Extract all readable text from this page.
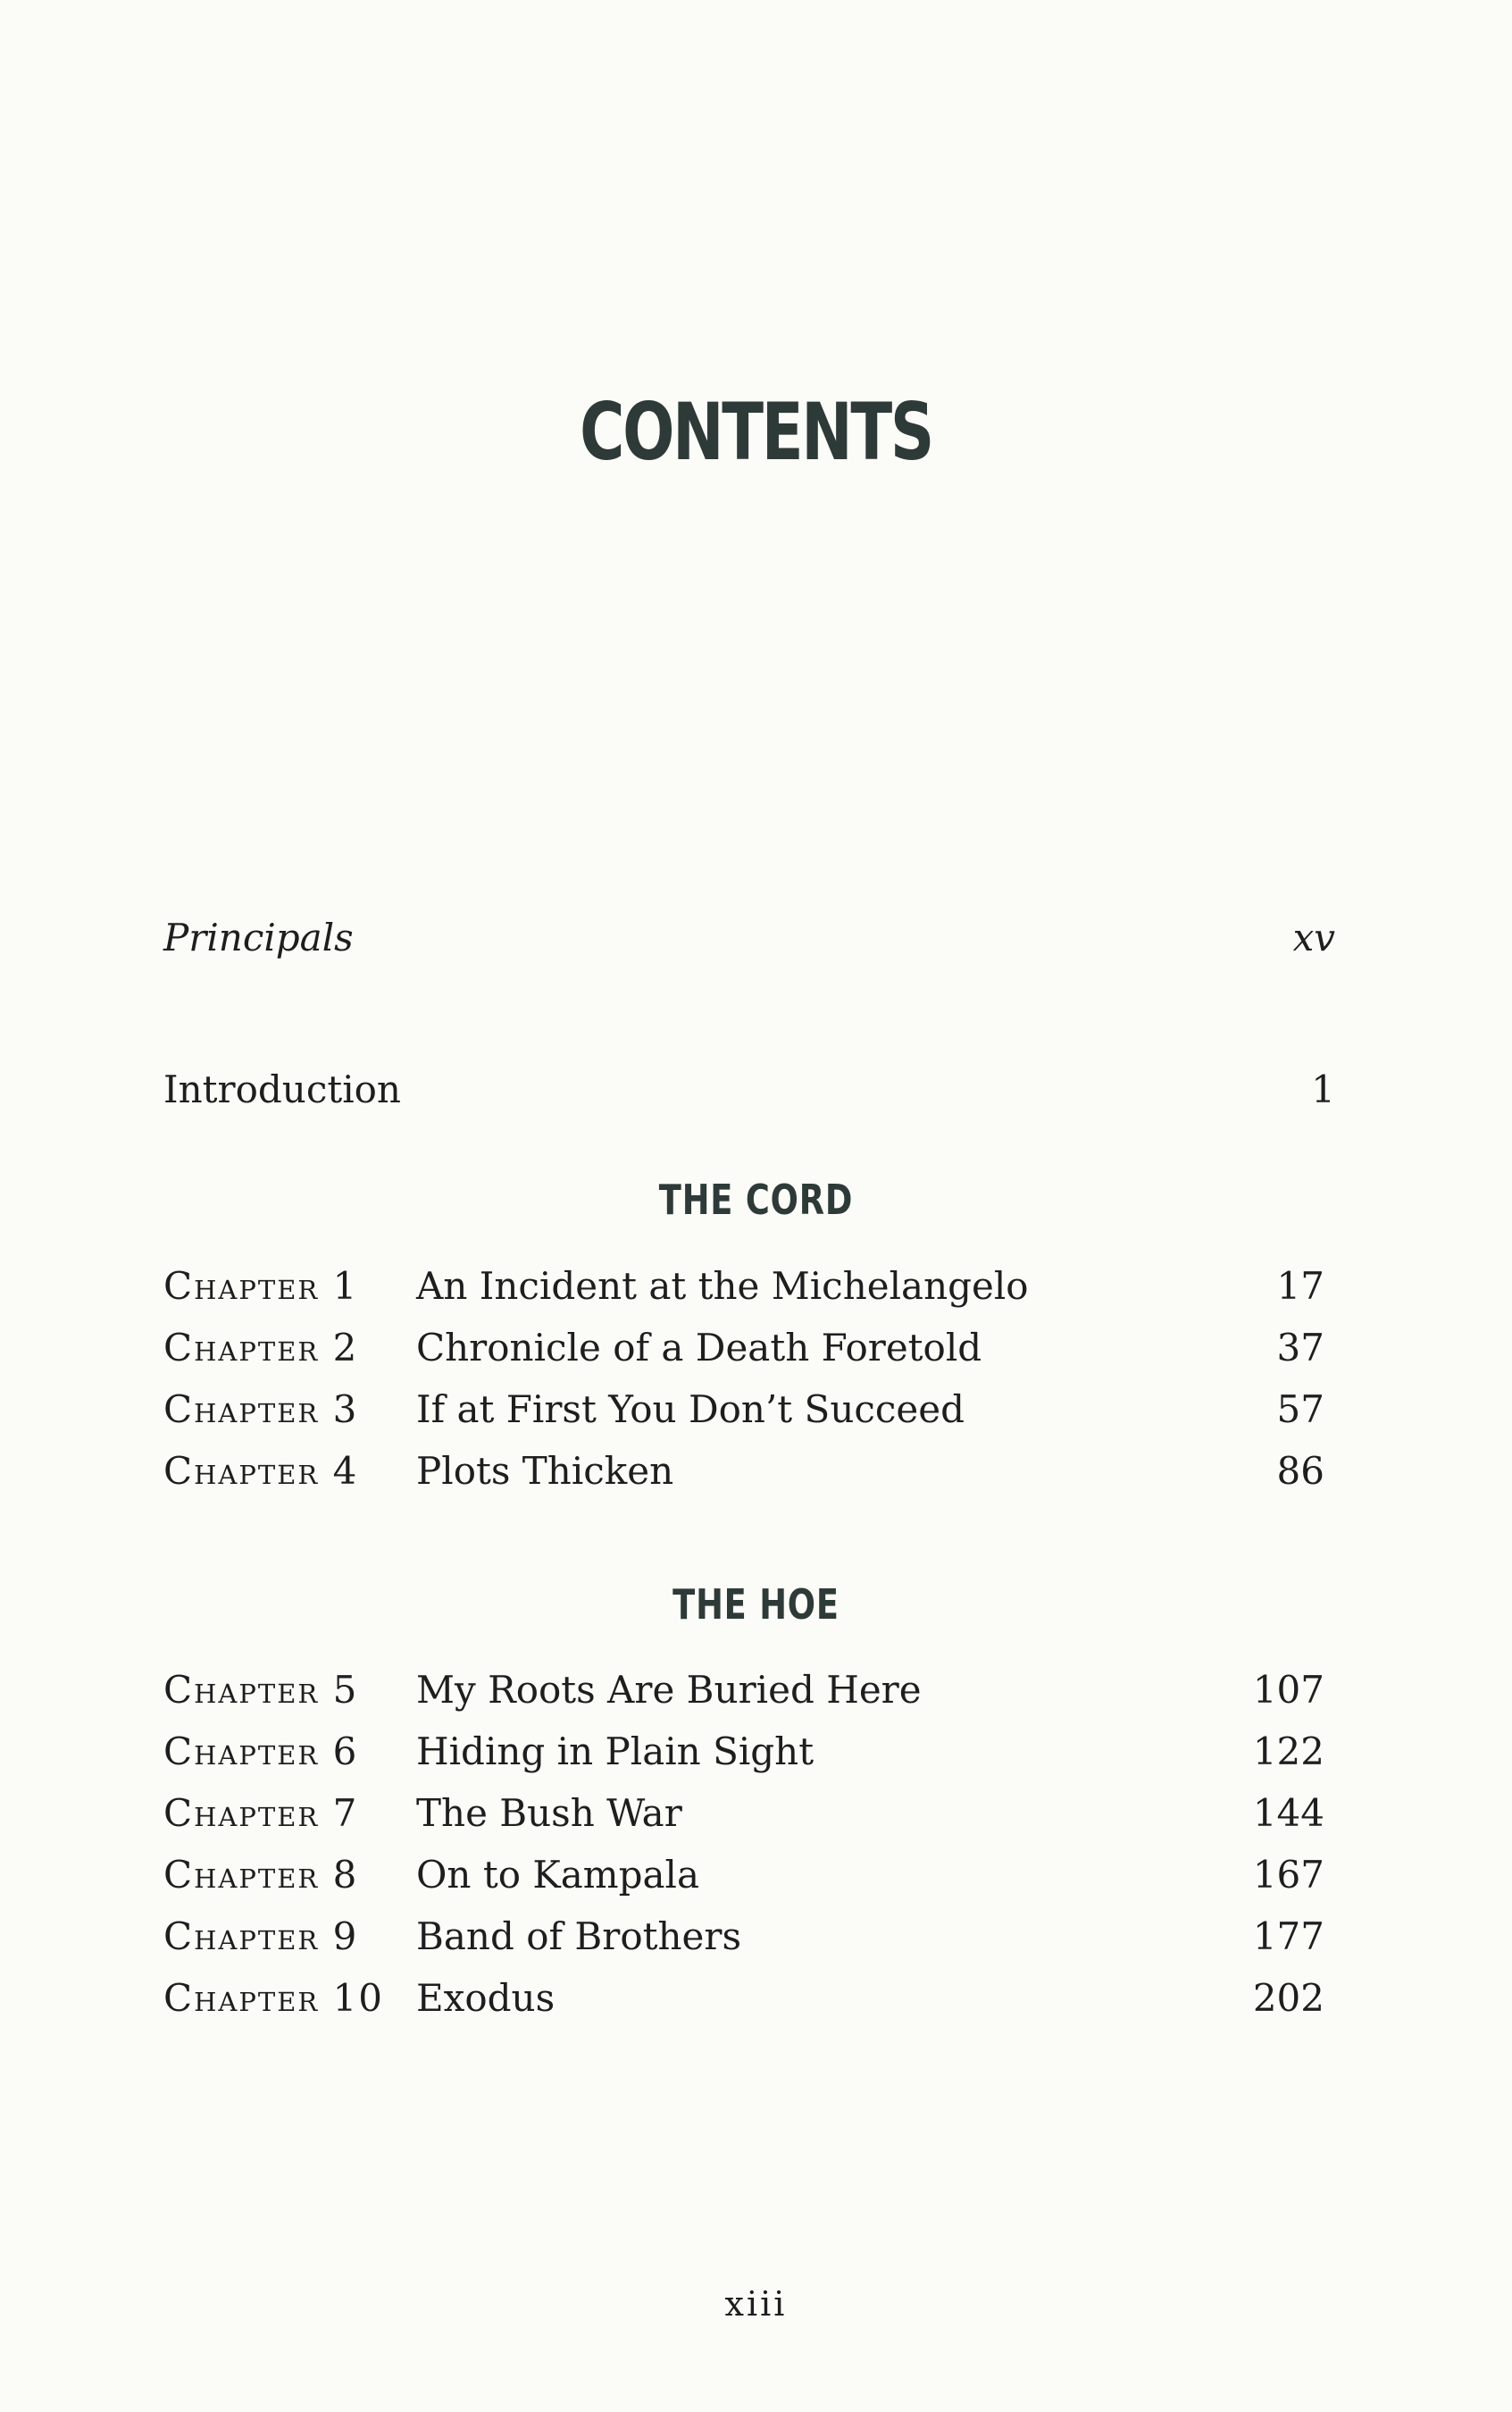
CONTENTS
Principals	xv
Introduction	1
THE CORD
Chapter 1 An Incident at the Michelangelo	17
Chapter 2 Chronicle of a Death Foretold	37
Chapter 3 If at First You Don’t Succeed	57
Chapter 4 Plots Thicken	86
THE HOE
Chapter 5 My Roots Are Buried Here	107
Chapter 6 Hiding in Plain Sight	122
Chapter 7 The Bush War	144
Chapter 8 On to Kampala	167
Chapter 9 Band of Brothers	177
Chapter 10 Exodus	202
xiii
